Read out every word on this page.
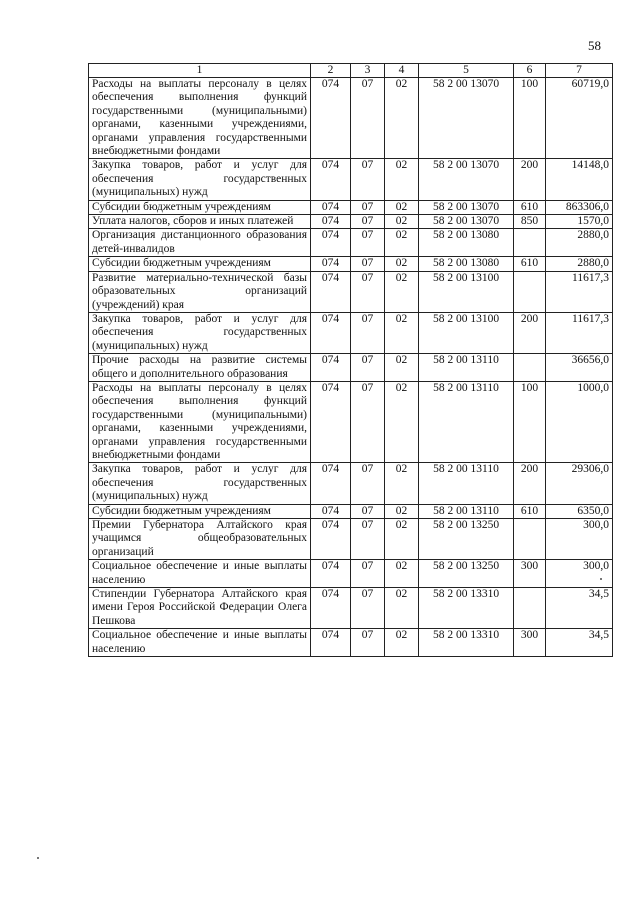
58
1	2	3	4	5	6	7
Расходы на выплаты персоналу в целях обеспечения выполнения функций государственными (муниципальными) органами, казенными учреждениями, органами управления государственными внебюджетными фондами	074	07	02	58 2 00 13070	100	60719,0
Закупка товаров, работ и услуг для обеспечения государственных (муниципальных) нужд	074	07	02	58 2 00 13070	200	14148,0
Субсидии бюджетным учреждениям	074	07	02	58 2 00 13070	610	863306,0
Уплата налогов, сборов и иных платежей	074	07	02	58 2 00 13070	850	1570,0
Организация дистанционного образования детей-инвалидов	074	07	02	58 2 00 13080		2880,0
Субсидии бюджетным учреждениям	074	07	02	58 2 00 13080	610	2880,0
Развитие материально-технической базы образовательных организаций (учреждений) края	074	07	02	58 2 00 13100		11617,3
Закупка товаров, работ и услуг для обеспечения государственных (муниципальных) нужд	074	07	02	58 2 00 13100	200	11617,3
Прочие расходы на развитие системы общего и дополнительного образования	074	07	02	58 2 00 13110		36656,0
Расходы на выплаты персоналу в целях обеспечения выполнения функций государственными (муниципальными) органами, казенными учреждениями, органами управления государственными внебюджетными фондами	074	07	02	58 2 00 13110	100	1000,0
Закупка товаров, работ и услуг для обеспечения государственных (муниципальных) нужд	074	07	02	58 2 00 13110	200	29306,0
Субсидии бюджетным учреждениям	074	07	02	58 2 00 13110	610	6350,0
Премии Губернатора Алтайского края учащимся общеобразовательных организаций	074	07	02	58 2 00 13250		300,0
Социальное обеспечение и иные выплаты населению	074	07	02	58 2 00 13250	300	300,0
Стипендии Губернатора Алтайского края имени Героя Российской Федерации Олега Пешкова	074	07	02	58 2 00 13310		34,5
Социальное обеспечение и иные выплаты населению	074	07	02	58 2 00 13310	300	34,5
